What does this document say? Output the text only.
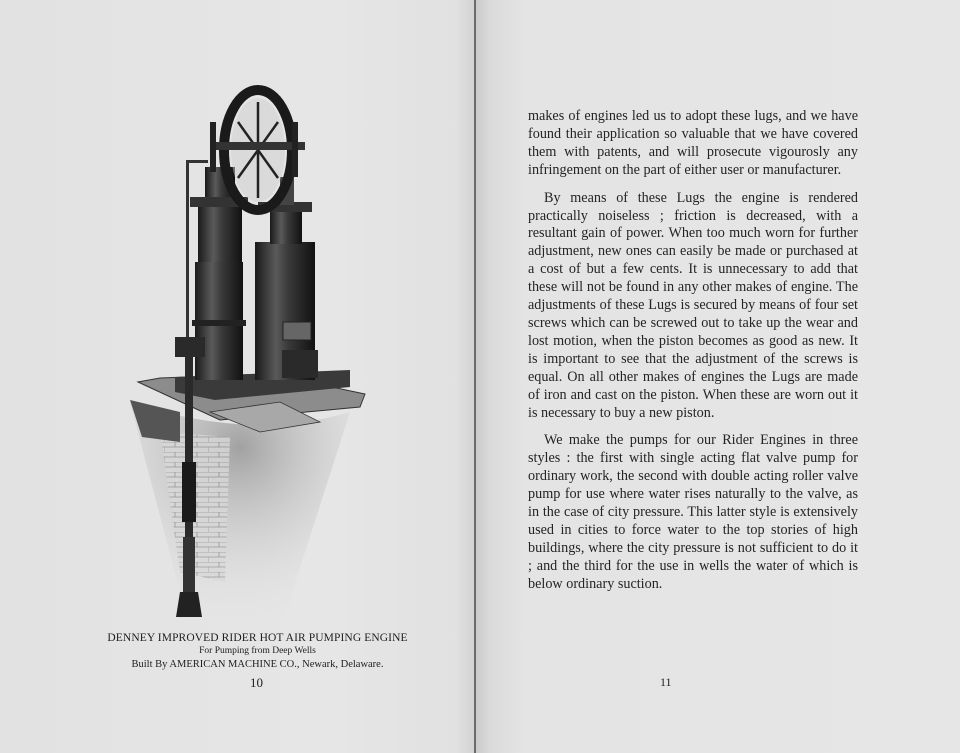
DENNEY IMPROVED RIDER HOT AIR PUMPING ENGINE
For Pumping from Deep Wells
Built By AMERICAN MACHINE CO., Newark, Delaware.
10

makes of engines led us to adopt these lugs, and we have found their application so valuable that we have covered them with patents, and will prosecute vigourosly any infringement on the part of either user or manufacturer.

By means of these Lugs the engine is rendered practically noiseless ; friction is decreased, with a resultant gain of power. When too much worn for further adjustment, new ones can easily be made or purchased at a cost of but a few cents. It is unnecessary to add that these will not be found in any other makes of engine. The adjustments of these Lugs is secured by means of four set screws which can be screwed out to take up the wear and lost motion, when the piston becomes as good as new. It is important to see that the adjustment of the screws is equal. On all other makes of engines the Lugs are made of iron and cast on the piston. When these are worn out it is necessary to buy a new piston.

We make the pumps for our Rider Engines in three styles : the first with single acting flat valve pump for ordinary work, the second with double acting roller valve pump for use where water rises naturally to the valve, as in the case of city pressure. This latter style is extensively used in cities to force water to the top stories of high buildings, where the city pressure is not sufficient to do it ; and the third for the use in wells the water of which is below ordinary suction.

11
